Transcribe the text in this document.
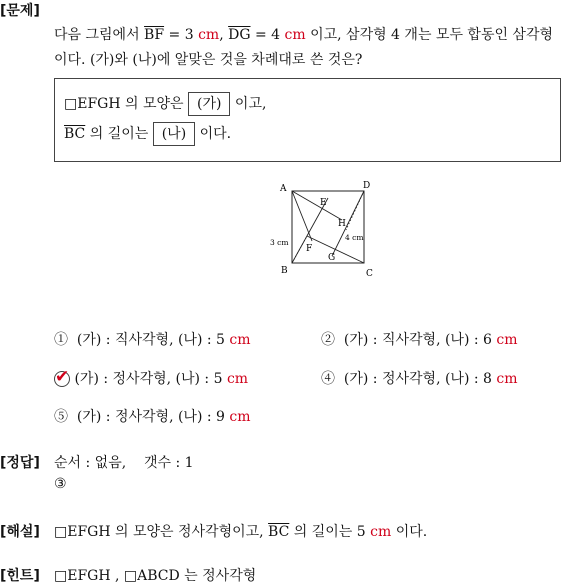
[문제]
다음 그림에서 $\overline{BF} = 3$ cm, $\overline{DG} = 4$ cm 이고, 삼각형 4 개는 모두 합동인 삼각형
이다. (가)와 (나)에 알맞은 것을 차례대로 쓴 것은?
□EFGH 의 모양은 (가) 이고,
$\overline{BC}$ 의 길이는 (나) 이다.
A
B	C
D
E
F
G
H
3 cm
4 cm
① (가) : 직사각형, (나) : 5 cm	② (가) : 직사각형, (나) : 6 cm
✔ (가) : 정사각형, (나) : 5 cm	④ (가) : 정사각형, (나) : 8 cm
⑤ (가) : 정사각형, (나) : 9 cm
[정답] 순서 : 없음,    갯수 : 1
③
[해설] □EFGH 의 모양은 정사각형이고, $\overline{BC}$ 의 길이는 5 cm 이다.
[힌트] □EFGH , □ABCD 는 정사각형
